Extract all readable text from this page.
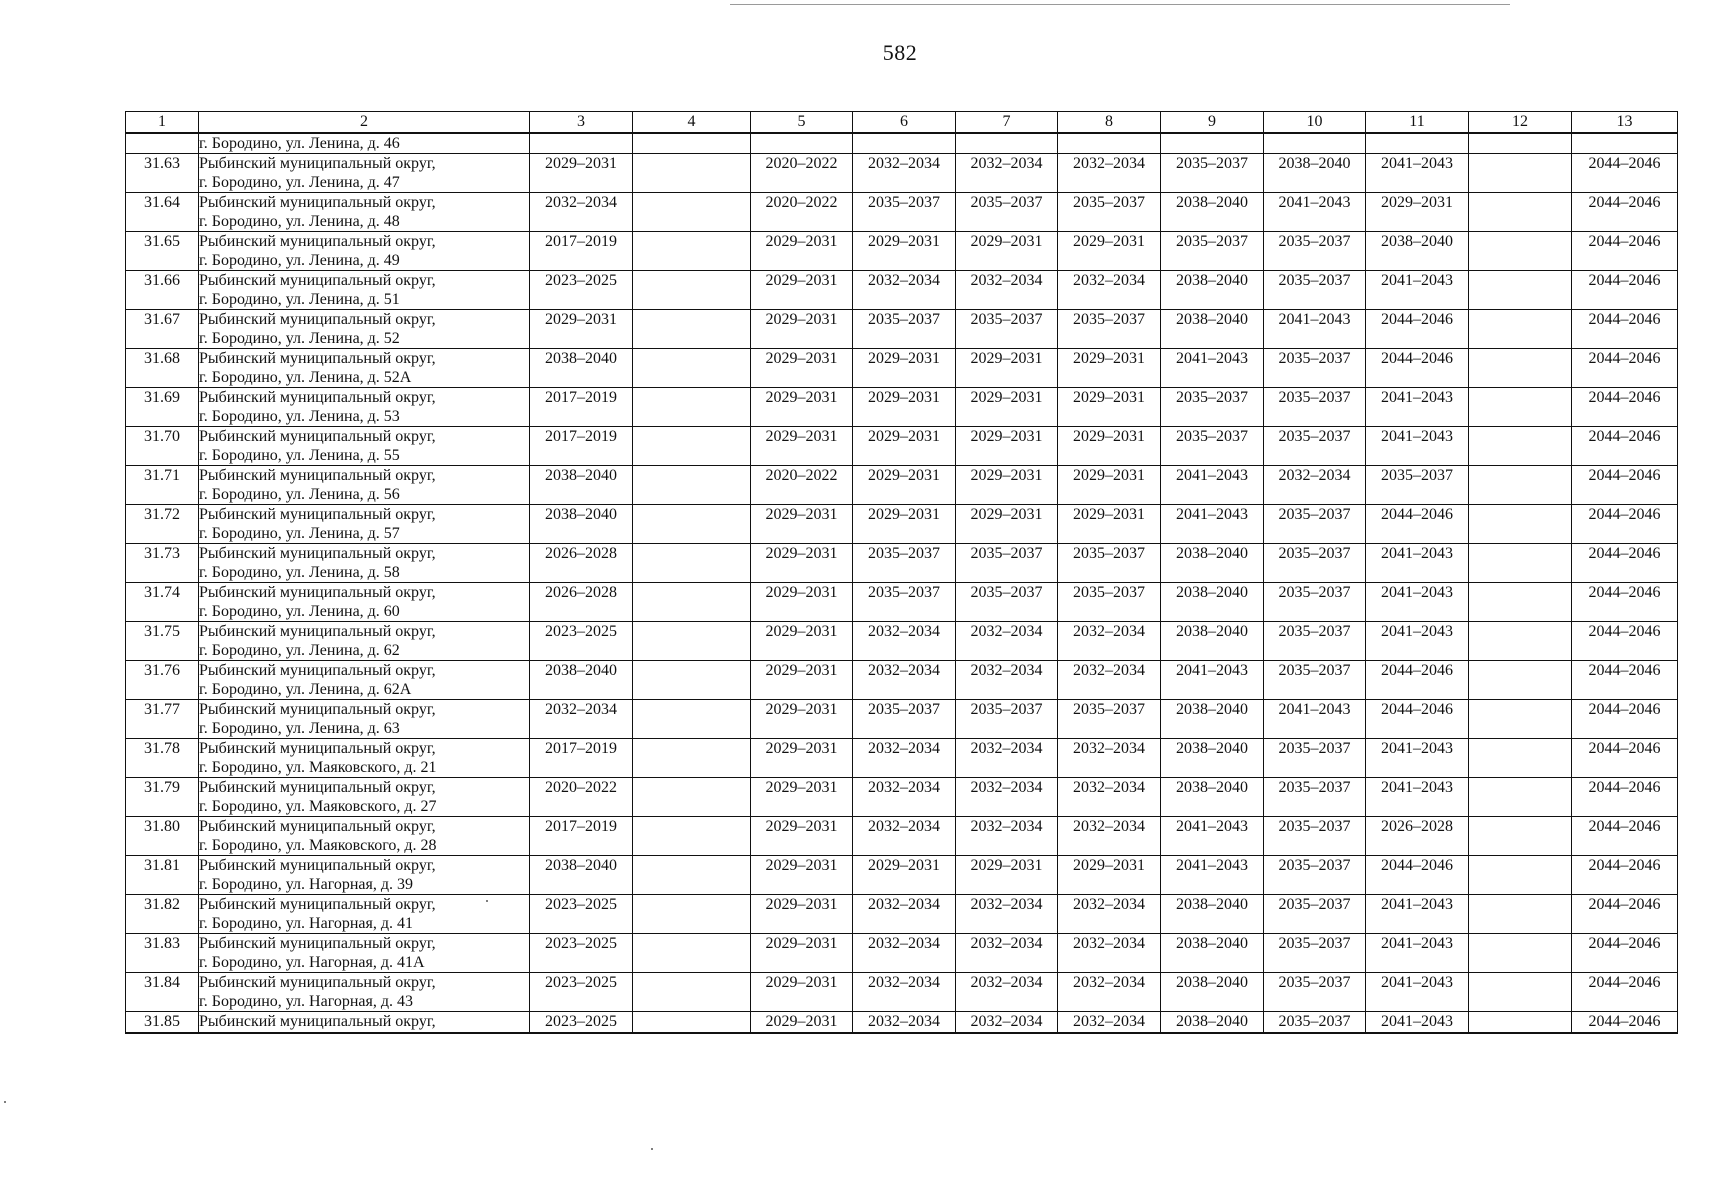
582
1	2	3	4	5	6	7	8	9	10	11	12	13

	г. Бородино, ул. Ленина, д. 46											

31.63	Рыбинский муниципальный округ,
г. Бородино, ул. Ленина, д. 47	2029–2031		2020–2022	2032–2034	2032–2034	2032–2034	2035–2037	2038–2040	2041–2043		2044–2046
31.64	Рыбинский муниципальный округ,
г. Бородино, ул. Ленина, д. 48	2032–2034		2020–2022	2035–2037	2035–2037	2035–2037	2038–2040	2041–2043	2029–2031		2044–2046
31.65	Рыбинский муниципальный округ,
г. Бородино, ул. Ленина, д. 49	2017–2019		2029–2031	2029–2031	2029–2031	2029–2031	2035–2037	2035–2037	2038–2040		2044–2046
31.66	Рыбинский муниципальный округ,
г. Бородино, ул. Ленина, д. 51	2023–2025		2029–2031	2032–2034	2032–2034	2032–2034	2038–2040	2035–2037	2041–2043		2044–2046
31.67	Рыбинский муниципальный округ,
г. Бородино, ул. Ленина, д. 52	2029–2031		2029–2031	2035–2037	2035–2037	2035–2037	2038–2040	2041–2043	2044–2046		2044–2046
31.68	Рыбинский муниципальный округ,
г. Бородино, ул. Ленина, д. 52А	2038–2040		2029–2031	2029–2031	2029–2031	2029–2031	2041–2043	2035–2037	2044–2046		2044–2046
31.69	Рыбинский муниципальный округ,
г. Бородино, ул. Ленина, д. 53	2017–2019		2029–2031	2029–2031	2029–2031	2029–2031	2035–2037	2035–2037	2041–2043		2044–2046
31.70	Рыбинский муниципальный округ,
г. Бородино, ул. Ленина, д. 55	2017–2019		2029–2031	2029–2031	2029–2031	2029–2031	2035–2037	2035–2037	2041–2043		2044–2046
31.71	Рыбинский муниципальный округ,
г. Бородино, ул. Ленина, д. 56	2038–2040		2020–2022	2029–2031	2029–2031	2029–2031	2041–2043	2032–2034	2035–2037		2044–2046
31.72	Рыбинский муниципальный округ,
г. Бородино, ул. Ленина, д. 57	2038–2040		2029–2031	2029–2031	2029–2031	2029–2031	2041–2043	2035–2037	2044–2046		2044–2046
31.73	Рыбинский муниципальный округ,
г. Бородино, ул. Ленина, д. 58	2026–2028		2029–2031	2035–2037	2035–2037	2035–2037	2038–2040	2035–2037	2041–2043		2044–2046
31.74	Рыбинский муниципальный округ,
г. Бородино, ул. Ленина, д. 60	2026–2028		2029–2031	2035–2037	2035–2037	2035–2037	2038–2040	2035–2037	2041–2043		2044–2046
31.75	Рыбинский муниципальный округ,
г. Бородино, ул. Ленина, д. 62	2023–2025		2029–2031	2032–2034	2032–2034	2032–2034	2038–2040	2035–2037	2041–2043		2044–2046
31.76	Рыбинский муниципальный округ,
г. Бородино, ул. Ленина, д. 62А	2038–2040		2029–2031	2032–2034	2032–2034	2032–2034	2041–2043	2035–2037	2044–2046		2044–2046
31.77	Рыбинский муниципальный округ,
г. Бородино, ул. Ленина, д. 63	2032–2034		2029–2031	2035–2037	2035–2037	2035–2037	2038–2040	2041–2043	2044–2046		2044–2046
31.78	Рыбинский муниципальный округ,
г. Бородино, ул. Маяковского, д. 21	2017–2019		2029–2031	2032–2034	2032–2034	2032–2034	2038–2040	2035–2037	2041–2043		2044–2046
31.79	Рыбинский муниципальный округ,
г. Бородино, ул. Маяковского, д. 27	2020–2022		2029–2031	2032–2034	2032–2034	2032–2034	2038–2040	2035–2037	2041–2043		2044–2046
31.80	Рыбинский муниципальный округ,
г. Бородино, ул. Маяковского, д. 28	2017–2019		2029–2031	2032–2034	2032–2034	2032–2034	2041–2043	2035–2037	2026–2028		2044–2046
31.81	Рыбинский муниципальный округ,
г. Бородино, ул. Нагорная, д. 39	2038–2040		2029–2031	2029–2031	2029–2031	2029–2031	2041–2043	2035–2037	2044–2046		2044–2046
31.82	Рыбинский муниципальный округ,
г. Бородино, ул. Нагорная, д. 41	2023–2025		2029–2031	2032–2034	2032–2034	2032–2034	2038–2040	2035–2037	2041–2043		2044–2046
31.83	Рыбинский муниципальный округ,
г. Бородино, ул. Нагорная, д. 41А	2023–2025		2029–2031	2032–2034	2032–2034	2032–2034	2038–2040	2035–2037	2041–2043		2044–2046
31.84	Рыбинский муниципальный округ,
г. Бородино, ул. Нагорная, д. 43	2023–2025		2029–2031	2032–2034	2032–2034	2032–2034	2038–2040	2035–2037	2041–2043		2044–2046
31.85	Рыбинский муниципальный округ,	2023–2025		2029–2031	2032–2034	2032–2034	2032–2034	2038–2040	2035–2037	2041–2043		2044–2046
